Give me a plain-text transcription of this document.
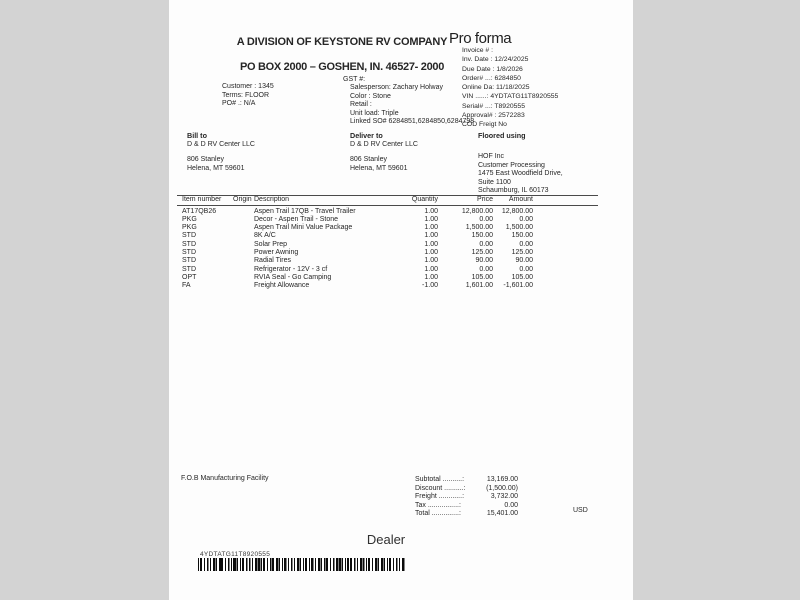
A DIVISION OF KEYSTONE RV COMPANY
PO BOX 2000 – GOSHEN, IN. 46527- 2000
Pro forma
Invoice # :
Inv. Date : 12/24/2025
Due Date : 1/8/2026
Order# ...: 6284850
Online Da: 11/18/2025
VIN ......: 4YDTATG11T8920555
Serial# ...: T8920555
Approval# : 2572283
COD Freigt No
Customer : 1345
Terms: FLOOR
PO# .: N/A
GST #:
Salesperson: Zachary Holway
Color : Stone
Retail :
Unit load: Triple
Linked SO# 6284851,6284850,6284798
Bill to
D & D RV Center LLC
806 Stanley
Helena, MT 59601
Deliver to
D & D RV Center LLC
806 Stanley
Helena, MT 59601
Floored using
HOF Inc
Customer Processing
1475 East Woodfield Drive,
Suite 1100
Schaumburg, IL 60173
Item number Origin Description	Quantity	Price	Amount
AT17QB26	Aspen Trail 17QB - Travel Trailer	1.00	12,800.00	12,800.00
PKG	Decor - Aspen Trail - Stone	1.00	0.00	0.00
PKG	Aspen Trail Mini Value Package	1.00	1,500.00	1,500.00
STD	8K A/C	1.00	150.00	150.00
STD	Solar Prep	1.00	0.00	0.00
STD	Power Awning	1.00	125.00	125.00
STD	Radial Tires	1.00	90.00	90.00
STD	Refrigerator - 12V - 3 cf	1.00	0.00	0.00
OPT	RVIA Seal - Go Camping	1.00	105.00	105.00
FA	Freight Allowance	-1.00	1,601.00	-1,601.00
F.O.B Manufacturing Facility	Subtotal ..........:	13,169.00
Discount ..........:	(1,500.00)
Freight ............:	3,732.00
Tax ................:	0.00
Total ..............:	15,401.00	USD
Dealer
4YDTATG11T8920555
